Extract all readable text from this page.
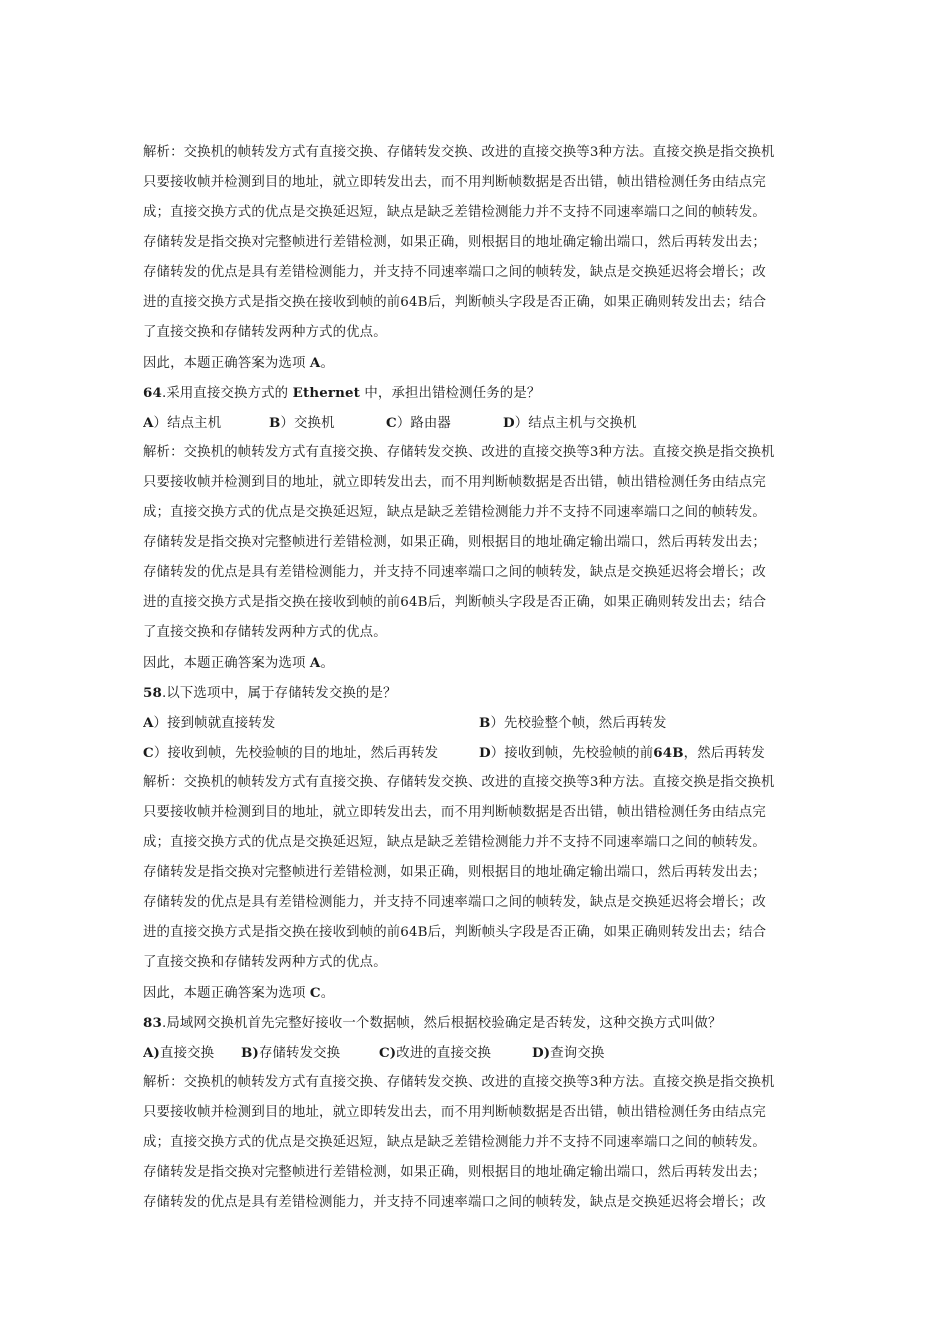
解析：交换机的帧转发方式有直接交换、存储转发交换、改进的直接交换等3种方法。直接交换是指交换机
只要接收帧并检测到目的地址，就立即转发出去，而不用判断帧数据是否出错，帧出错检测任务由结点完
成；直接交换方式的优点是交换延迟短，缺点是缺乏差错检测能力并不支持不同速率端口之间的帧转发。
存储转发是指交换对完整帧进行差错检测，如果正确，则根据目的地址确定输出端口，然后再转发出去；
存储转发的优点是具有差错检测能力，并支持不同速率端口之间的帧转发，缺点是交换延迟将会增长；改
进的直接交换方式是指交换在接收到帧的前64B后，判断帧头字段是否正确，如果正确则转发出去；结合
了直接交换和存储转发两种方式的优点。
因此，本题正确答案为选项 A。
64.采用直接交换方式的 Ethernet 中，承担出错检测任务的是？
A）结点主机	B）交换机	C）路由器	D）结点主机与交换机
解析：交换机的帧转发方式有直接交换、存储转发交换、改进的直接交换等3种方法。直接交换是指交换机
只要接收帧并检测到目的地址，就立即转发出去，而不用判断帧数据是否出错，帧出错检测任务由结点完
成；直接交换方式的优点是交换延迟短，缺点是缺乏差错检测能力并不支持不同速率端口之间的帧转发。
存储转发是指交换对完整帧进行差错检测，如果正确，则根据目的地址确定输出端口，然后再转发出去；
存储转发的优点是具有差错检测能力，并支持不同速率端口之间的帧转发，缺点是交换延迟将会增长；改
进的直接交换方式是指交换在接收到帧的前64B后，判断帧头字段是否正确，如果正确则转发出去；结合
了直接交换和存储转发两种方式的优点。
因此，本题正确答案为选项 A。
58.以下选项中，属于存储转发交换的是？
A）接到帧就直接转发	B）先校验整个帧，然后再转发
C）接收到帧，先校验帧的目的地址，然后再转发	D）接收到帧，先校验帧的前64B，然后再转发
解析：交换机的帧转发方式有直接交换、存储转发交换、改进的直接交换等3种方法。直接交换是指交换机
只要接收帧并检测到目的地址，就立即转发出去，而不用判断帧数据是否出错，帧出错检测任务由结点完
成；直接交换方式的优点是交换延迟短，缺点是缺乏差错检测能力并不支持不同速率端口之间的帧转发。
存储转发是指交换对完整帧进行差错检测，如果正确，则根据目的地址确定输出端口，然后再转发出去；
存储转发的优点是具有差错检测能力，并支持不同速率端口之间的帧转发，缺点是交换延迟将会增长；改
进的直接交换方式是指交换在接收到帧的前64B后，判断帧头字段是否正确，如果正确则转发出去；结合
了直接交换和存储转发两种方式的优点。
因此，本题正确答案为选项 C。
83.局域网交换机首先完整好接收一个数据帧，然后根据校验确定是否转发，这种交换方式叫做？
A)直接交换 B)存储转发交换	C)改进的直接交换	D)查询交换
解析：交换机的帧转发方式有直接交换、存储转发交换、改进的直接交换等3种方法。直接交换是指交换机
只要接收帧并检测到目的地址，就立即转发出去，而不用判断帧数据是否出错，帧出错检测任务由结点完
成；直接交换方式的优点是交换延迟短，缺点是缺乏差错检测能力并不支持不同速率端口之间的帧转发。
存储转发是指交换对完整帧进行差错检测，如果正确，则根据目的地址确定输出端口，然后再转发出去；
存储转发的优点是具有差错检测能力，并支持不同速率端口之间的帧转发，缺点是交换延迟将会增长；改
